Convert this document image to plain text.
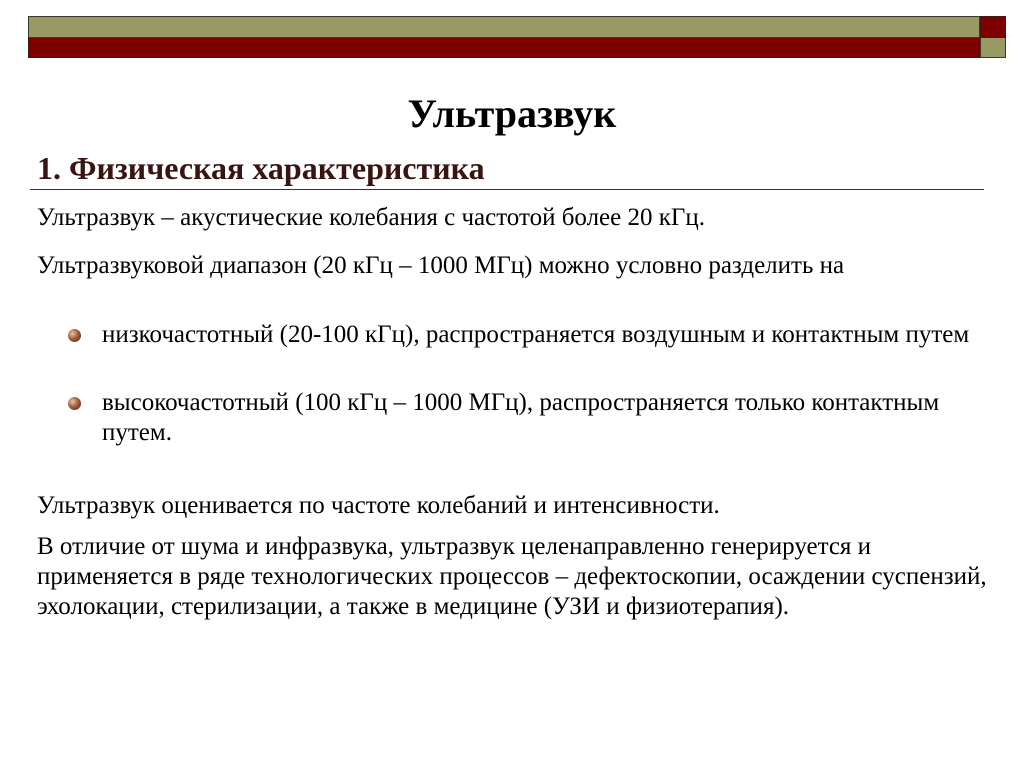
Ультразвук
1. Физическая характеристика

Ультразвук – акустические колебания с частотой более 20 кГц.

Ультразвуковой диапазон (20 кГц – 1000 МГц) можно условно разделить на

низкочастотный (20-100 кГц), распространяется воздушным и контактным путем

высокочастотный (100 кГц – 1000 МГц), распространяется только контактным путем.

Ультразвук оценивается по частоте колебаний и интенсивности.

В отличие от шума и инфразвука, ультразвук целенаправленно генерируется и применяется в ряде технологических процессов – дефектоскопии, осаждении суспензий, эхолокации, стерилизации, а также в медицине (УЗИ и физиотерапия).
